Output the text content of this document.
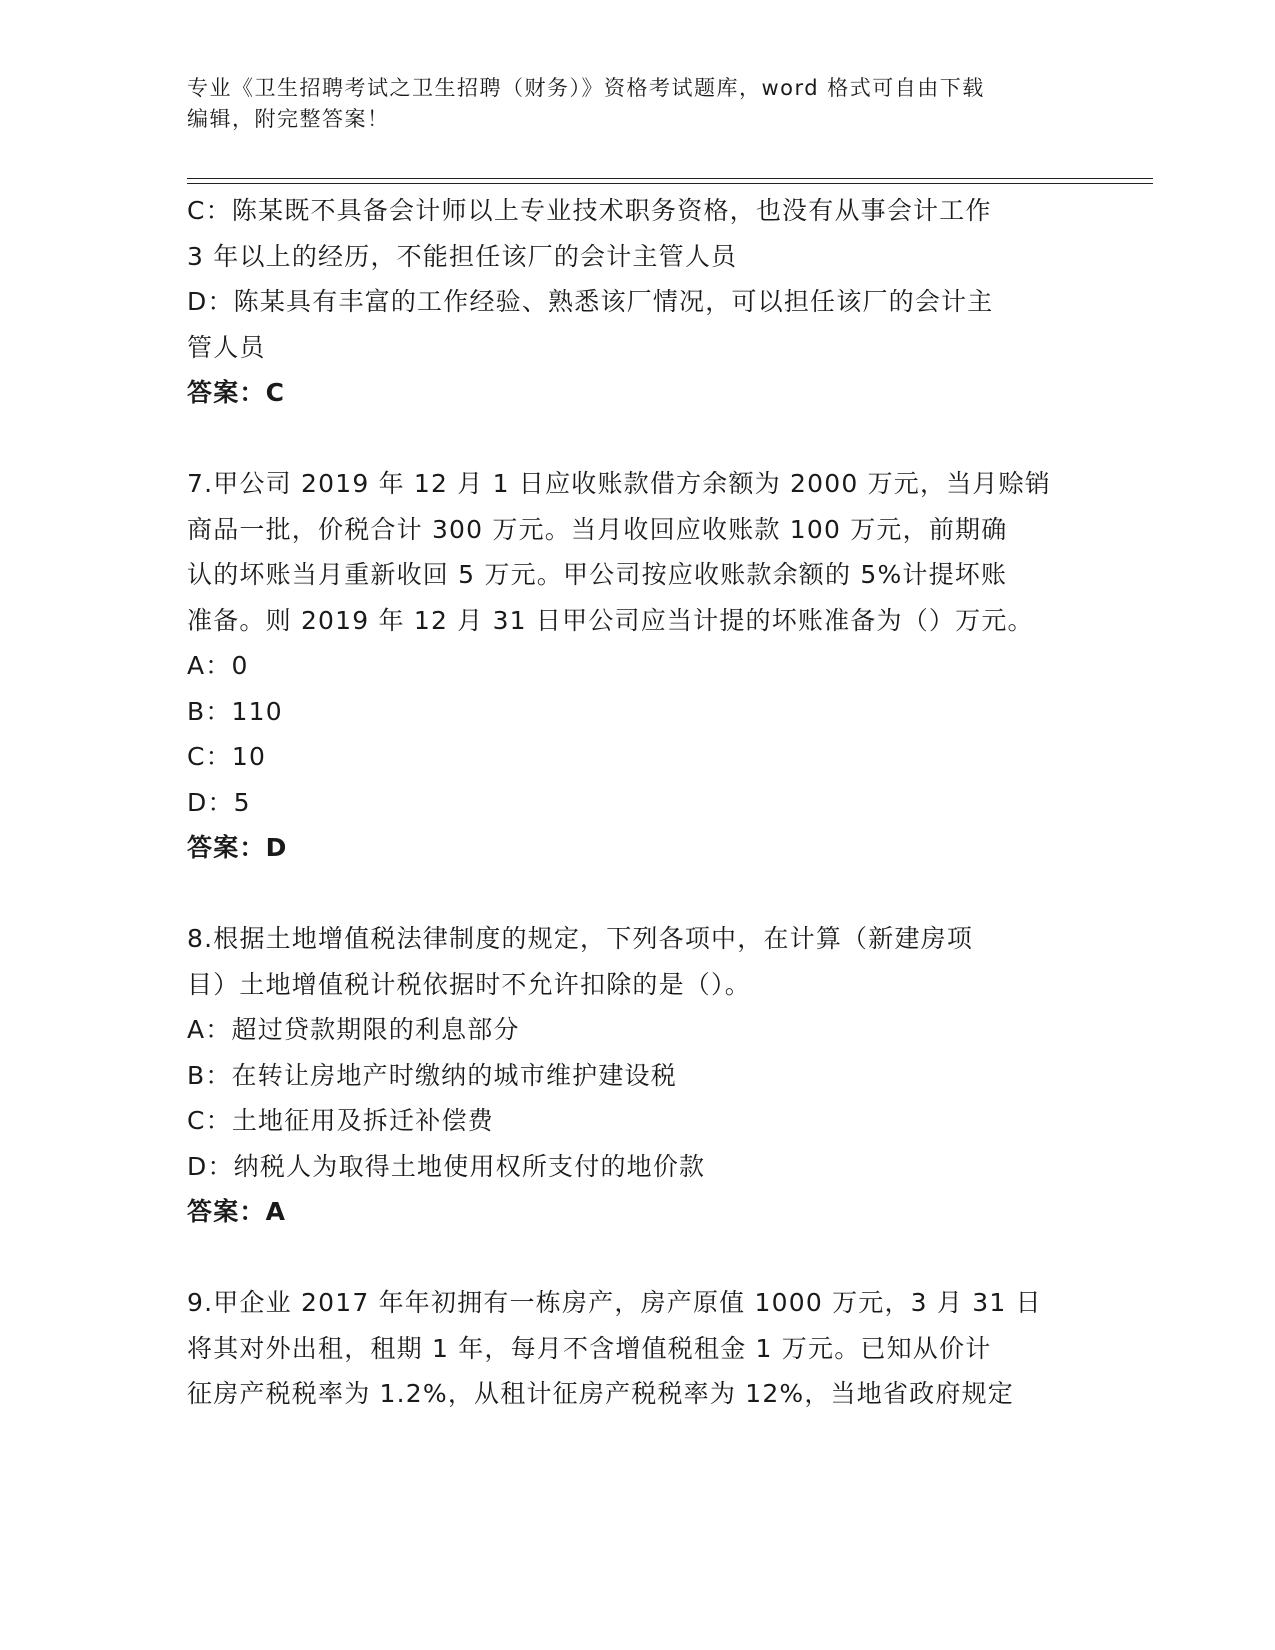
专业《卫生招聘考试之卫生招聘（财务）》资格考试题库，word 格式可自由下载
编辑，附完整答案！
C：陈某既不具备会计师以上专业技术职务资格，也没有从事会计工作
3 年以上的经历，不能担任该厂的会计主管人员
D：陈某具有丰富的工作经验、熟悉该厂情况，可以担任该厂的会计主
管人员
答案：C
7.甲公司 2019 年 12 月 1 日应收账款借方余额为 2000 万元，当月赊销
商品一批，价税合计 300 万元。当月收回应收账款 100 万元，前期确
认的坏账当月重新收回 5 万元。甲公司按应收账款余额的 5%计提坏账
准备。则 2019 年 12 月 31 日甲公司应当计提的坏账准备为（）万元。
A：0
B：110
C：10
D：5
答案：D
8.根据土地增值税法律制度的规定，下列各项中，在计算（新建房项
目）土地增值税计税依据时不允许扣除的是（）。
A：超过贷款期限的利息部分
B：在转让房地产时缴纳的城市维护建设税
C：土地征用及拆迁补偿费
D：纳税人为取得土地使用权所支付的地价款
答案：A
9.甲企业 2017 年年初拥有一栋房产，房产原值 1000 万元，3 月 31 日
将其对外出租，租期 1 年，每月不含增值税租金 1 万元。已知从价计
征房产税税率为 1.2%，从租计征房产税税率为 12%，当地省政府规定
